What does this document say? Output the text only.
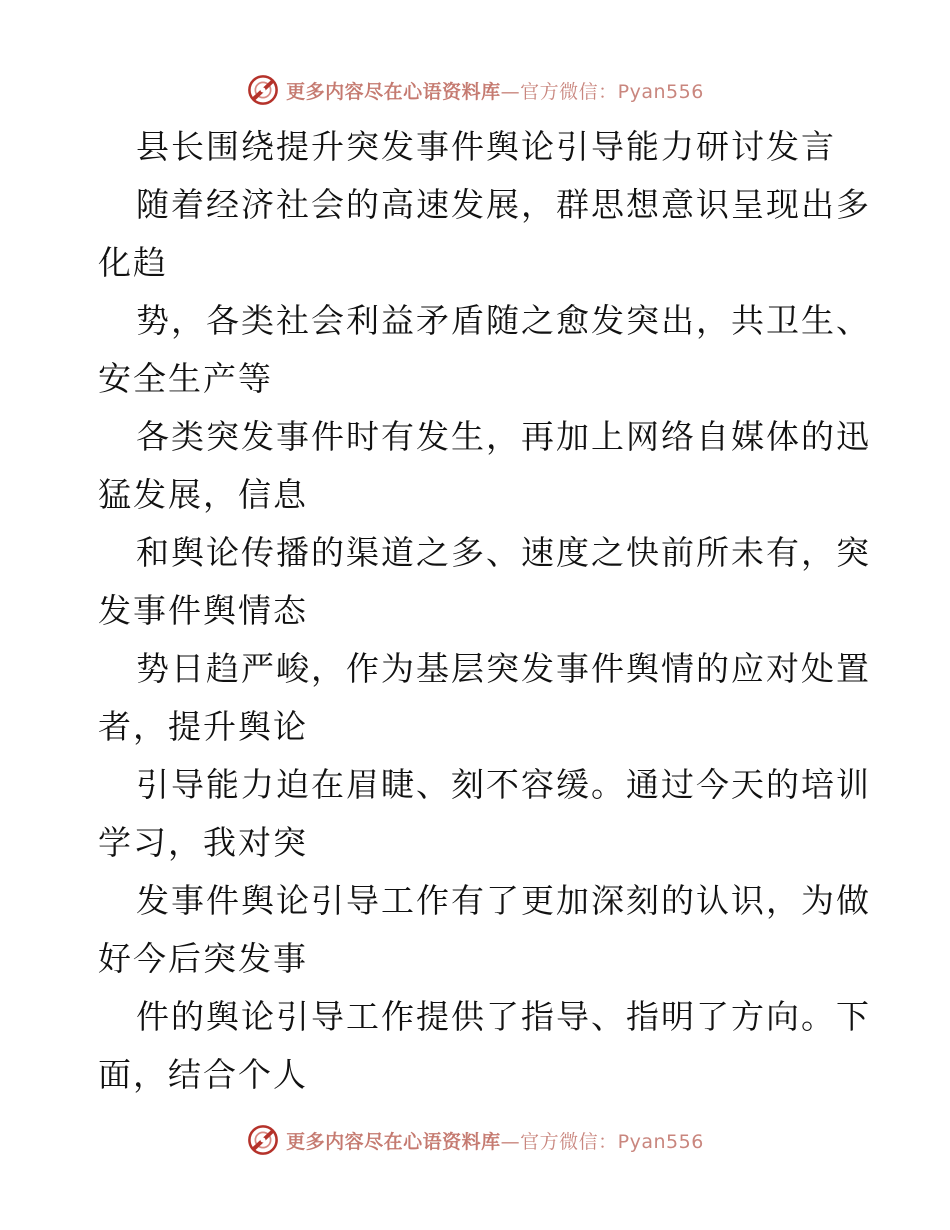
更多内容尽在心语资料库—官方微信：Pyan556
县长围绕提升突发事件舆论引导能力研讨发言
随着经济社会的高速发展，群思想意识呈现出多
化趋
势，各类社会利益矛盾随之愈发突出，共卫生、
安全生产等
各类突发事件时有发生，再加上网络自媒体的迅
猛发展，信息
和舆论传播的渠道之多、速度之快前所未有，突
发事件舆情态
势日趋严峻，作为基层突发事件舆情的应对处置
者，提升舆论
引导能力迫在眉睫、刻不容缓。通过今天的培训
学习，我对突
发事件舆论引导工作有了更加深刻的认识，为做
好今后突发事
件的舆论引导工作提供了指导、指明了方向。下
面，结合个人
更多内容尽在心语资料库—官方微信：Pyan556
